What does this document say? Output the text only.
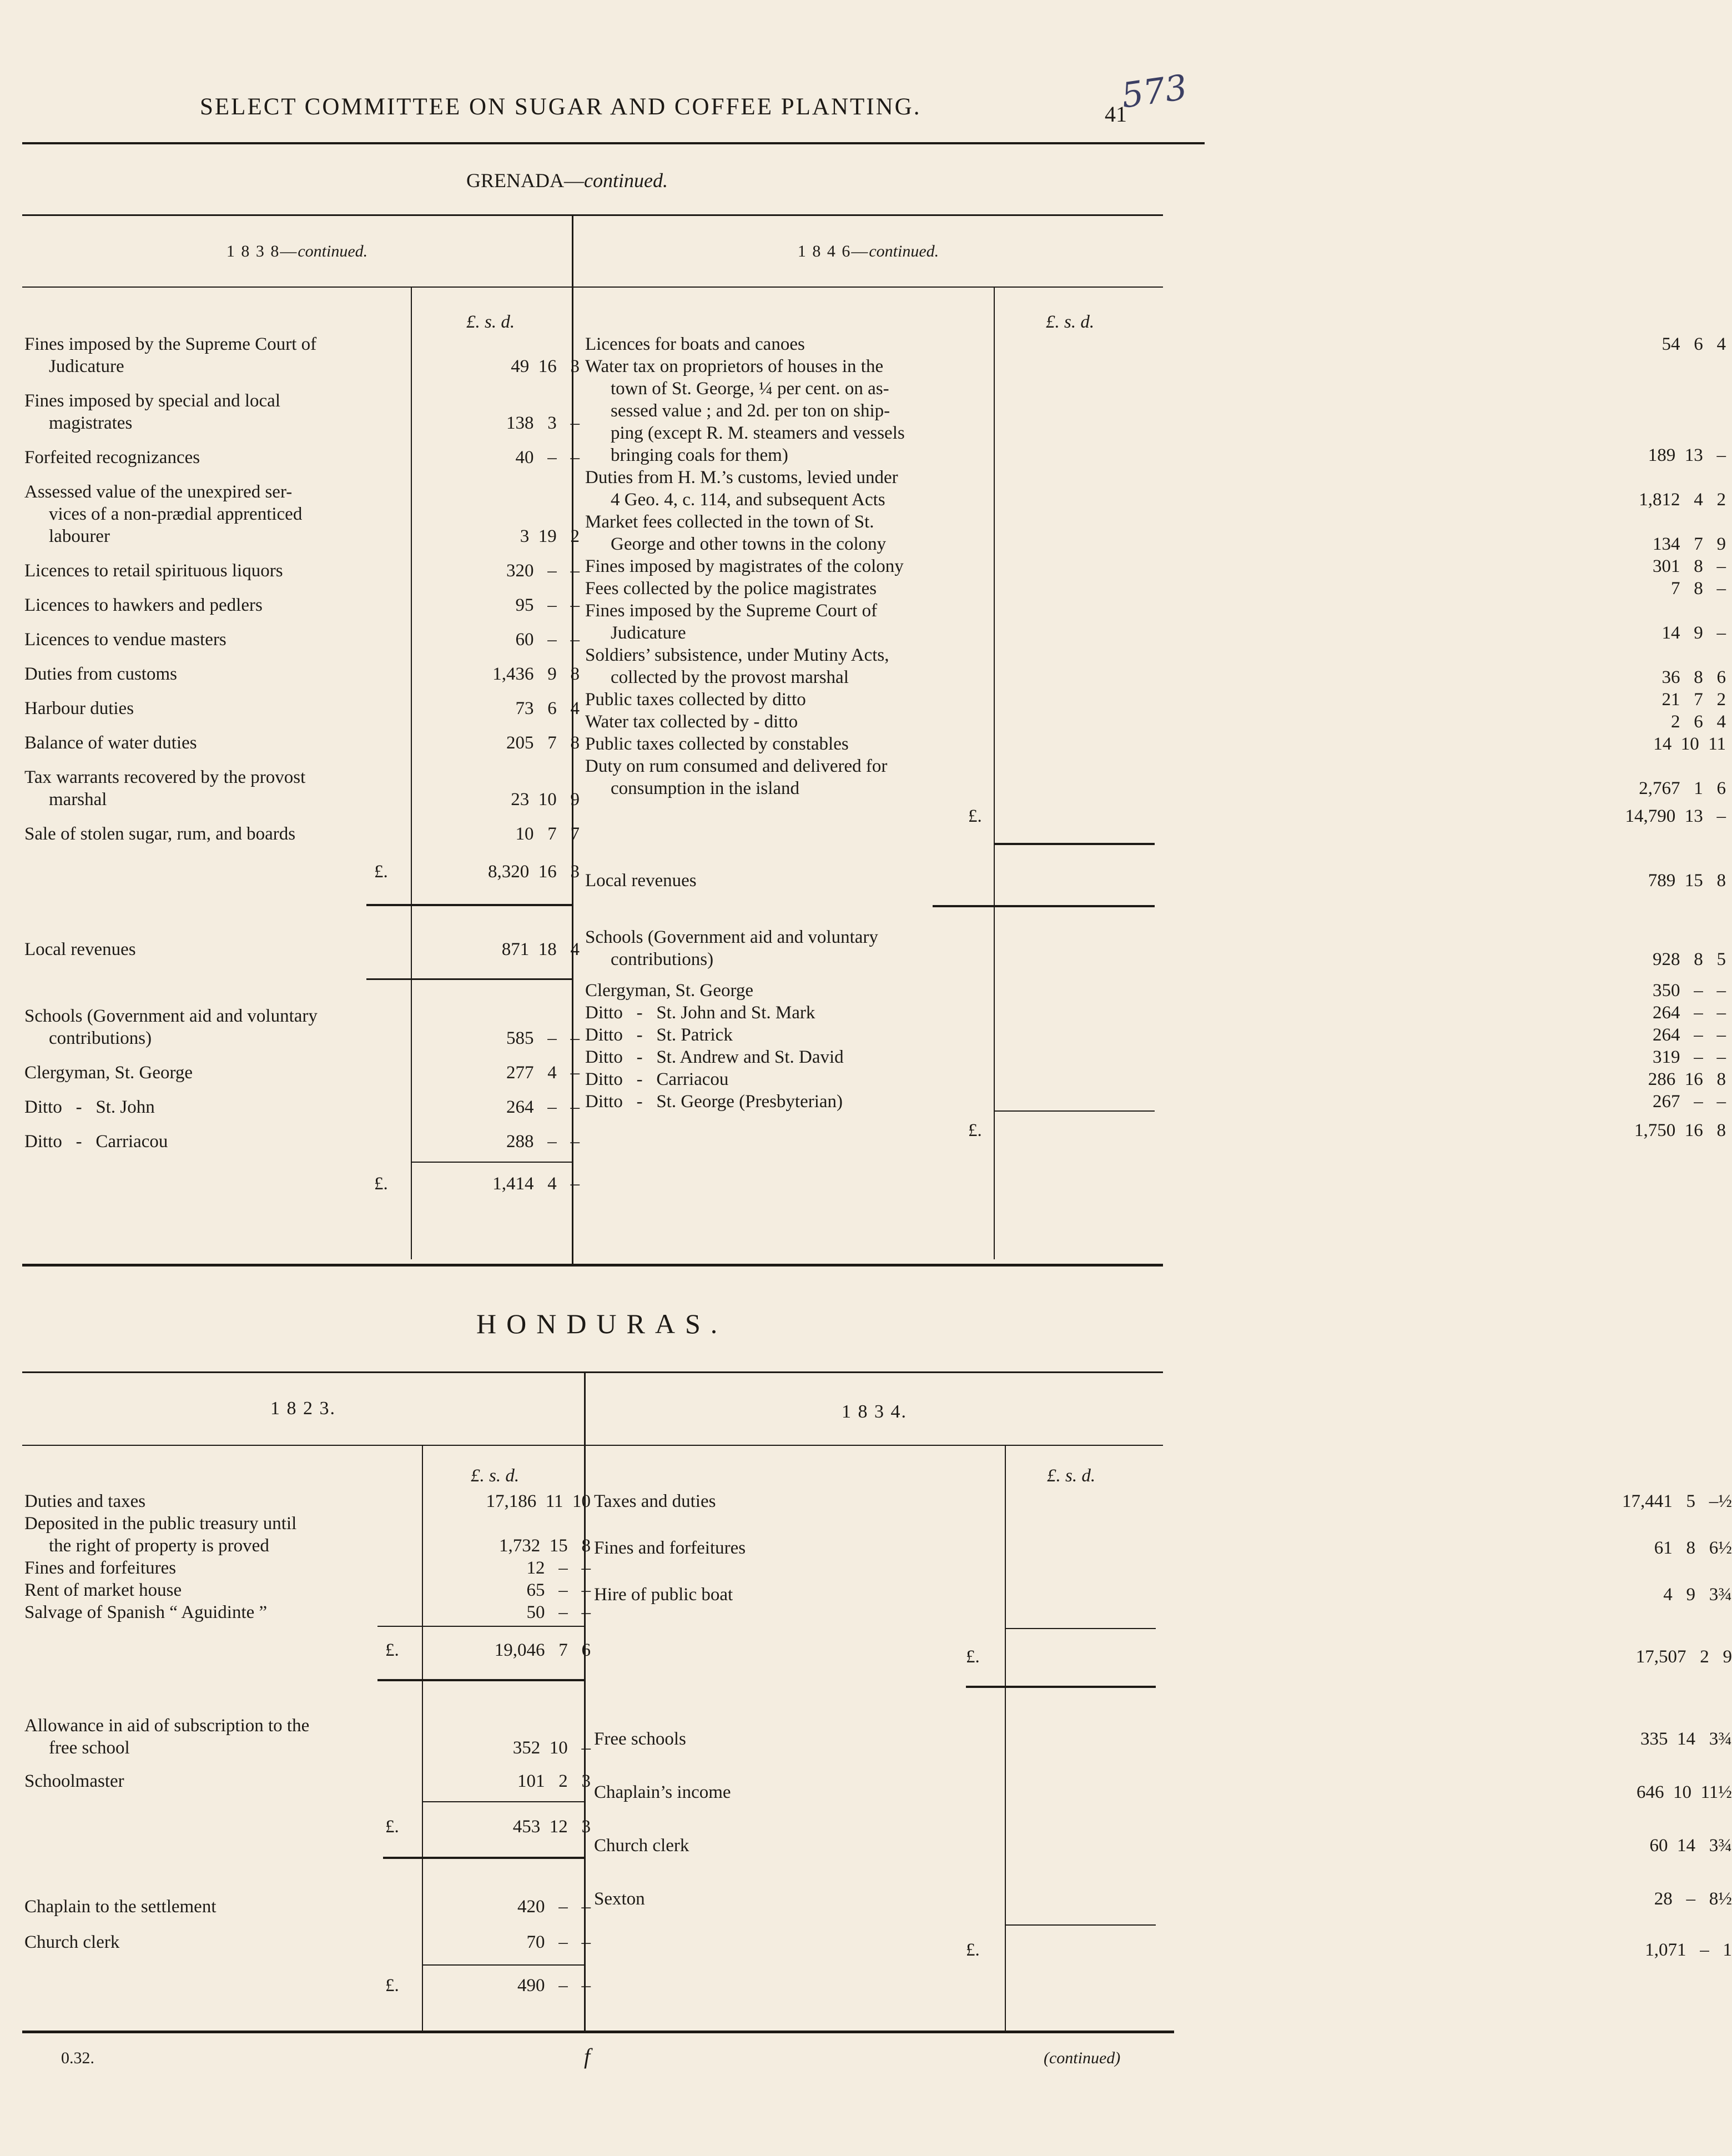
SELECT COMMITTEE ON SUGAR AND COFFEE PLANTING.	41
573
GRENADA—continued.
1 8 3 8—continued.	1 8 4 6—continued.
£. s. d.
Fines imposed by the Supreme Court of
Judicature	49  16   3
Fines imposed by special and local
magistrates	138   3   –
Forfeited recognizances	40   –   –
Assessed value of the unexpired ser-
vices of a non-prædial apprenticed
labourer	3  19   2
Licences to retail spirituous liquors	320   –   –
Licences to hawkers and pedlers	95   –   –
Licences to vendue masters	60   –   –
Duties from customs	1,436   9   8
Harbour duties	73   6   4
Balance of water duties	205   7   8
Tax warrants recovered by the provost
marshal	23  10   9
Sale of stolen sugar, rum, and boards	10   7   7
£.	8,320  16   3
Local revenues	871  18   4
Schools (Government aid and voluntary
contributions)	585   –   –
Clergyman, St. George	277   4   –
Ditto   -   St. John	264   –   –
Ditto   -   Carriacou	288   –   –
£.	1,414   4   –
£. s. d.
Licences for boats and canoes	54   6   4
Water tax on proprietors of houses in the
town of St. George, ¼ per cent. on as-
sessed value ; and 2d. per ton on ship-
ping (except R. M. steamers and vessels
bringing coals for them)	189  13   –
Duties from H. M.’s customs, levied under
4 Geo. 4, c. 114, and subsequent Acts	1,812   4   2
Market fees collected in the town of St.
George and other towns in the colony	134   7   9
Fines imposed by magistrates of the colony	301   8   –
Fees collected by the police magistrates	7   8   –
Fines imposed by the Supreme Court of
Judicature	14   9   –
Soldiers’ subsistence, under Mutiny Acts,
collected by the provost marshal	36   8   6
Public taxes collected by ditto	21   7   2
Water tax collected by - ditto	2   6   4
Public taxes collected by constables	14  10  11
Duty on rum consumed and delivered for
consumption in the island	2,767   1   6
£.	14,790  13   –
Local revenues	789  15   8
Schools (Government aid and voluntary
contributions)	928   8   5
Clergyman, St. George	350   –   –
Ditto   -   St. John and St. Mark	264   –   –
Ditto   -   St. Patrick	264   –   –
Ditto   -   St. Andrew and St. David	319   –   –
Ditto   -   Carriacou	286  16   8
Ditto   -   St. George (Presbyterian)	267   –   –
£.	1,750  16   8
HONDURAS.
1 8 2 3.	1 8 3 4.
£. s. d.	£. s. d.
Duties and taxes	17,186  11  10
Deposited in the public treasury until
the right of property is proved	1,732  15   8
Fines and forfeitures	12   –   –
Rent of market house	65   –   –
Salvage of Spanish “ Aguidinte ”	50   –   –
£.	19,046   7   6
Allowance in aid of subscription to the
free school	352  10   –
Schoolmaster	101   2   3
£.	453  12   3
Chaplain to the settlement	420   –   –
Church clerk	70   –   –
£.	490   –   –
Taxes and duties	17,441   5   –½
Fines and forfeitures	61   8   6½
Hire of public boat	4   9   3¾
£.	17,507   2   9
Free schools	335  14   3¾
Chaplain’s income	646  10  11½
Church clerk	60  14   3¾
Sexton	28   –   8½
£.	1,071   –   1
0.32.	f	(continued)
